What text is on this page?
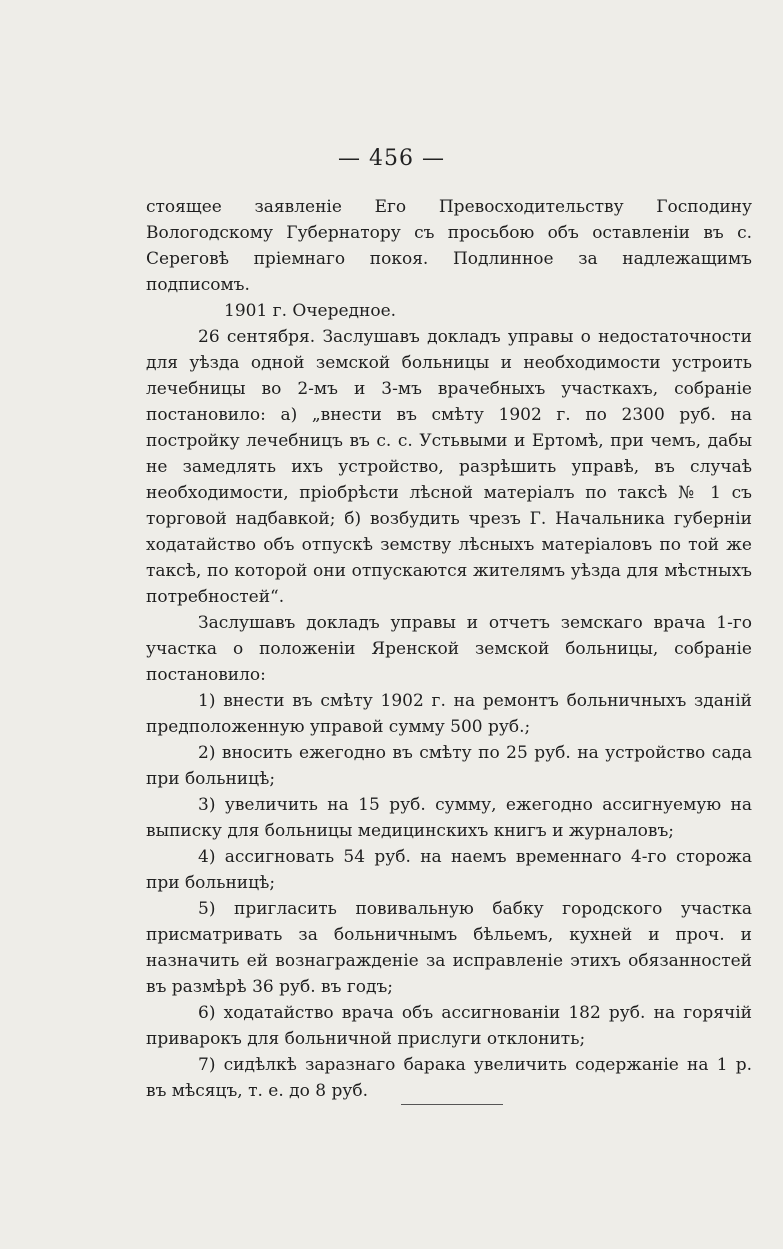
— 456 —

стоящее заявленіе Его Превосходительству Господину Вологодскому Губернатору съ просьбою объ оставленіи въ с. Сереговѣ пріемнаго покоя. Подлинное за надлежащимъ подписомъ.

1901 г. Очередное.

26 сентября. Заслушавъ докладъ управы о недостаточности для уѣзда одной земской больницы и необходимости устроить лечебницы во 2-мъ и 3-мъ врачебныхъ участкахъ, собраніе постановило: а) „внести въ смѣту 1902 г. по 2300 руб. на постройку лечебницъ въ с. с. Устьвыми и Ертомѣ, при чемъ, дабы не замедлять ихъ устройство, разрѣшить управѣ, въ случаѣ необходимости, пріобрѣсти лѣсной матеріалъ по таксѣ № 1 съ торговой надбавкой; б) возбудить чрезъ Г. Начальника губерніи ходатайство объ отпускѣ земству лѣсныхъ матеріаловъ по той же таксѣ, по которой они отпускаются жителямъ уѣзда для мѣстныхъ потребностей“.

Заслушавъ докладъ управы и отчетъ земскаго врача 1-го участка о положеніи Яренской земской больницы, собраніе постановило:

1) внести въ смѣту 1902 г. на ремонтъ больничныхъ зданій предположенную управой сумму 500 руб.;

2) вносить ежегодно въ смѣту по 25 руб. на устройство сада при больницѣ;

3) увеличить на 15 руб. сумму, ежегодно ассигнуемую на выписку для больницы медицинскихъ книгъ и журналовъ;

4) ассигновать 54 руб. на наемъ временнаго 4-го сторожа при больницѣ;

5) пригласить повивальную бабку городского участка присматривать за больничнымъ бѣльемъ, кухней и проч. и назначить ей вознагражденіе за исправленіе этихъ обязанностей въ размѣрѣ 36 руб. въ годъ;

6) ходатайство врача объ ассигнованіи 182 руб. на горячій приварокъ для больничной прислуги отклонить;

7) сидѣлкѣ заразнаго барака увеличить содержаніе на 1 р. въ мѣсяцъ, т. е. до 8 руб.
